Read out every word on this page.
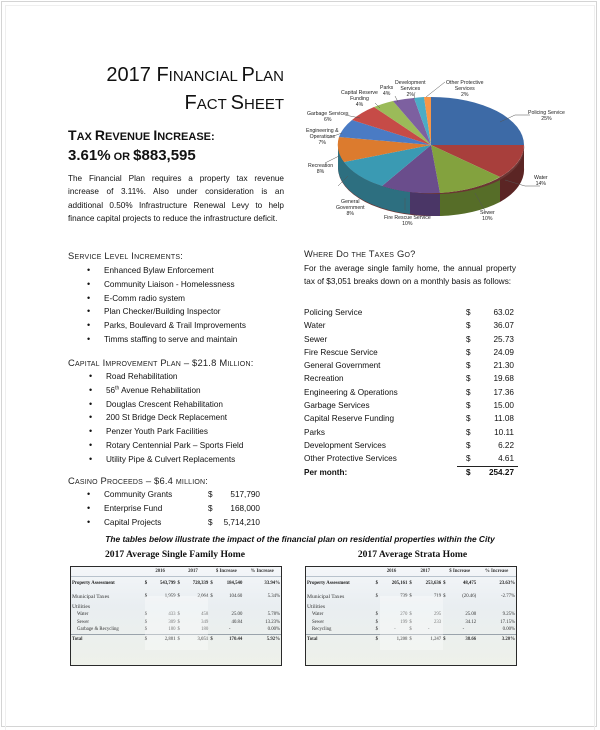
2017 FINANCIAL PLAN
FACT SHEET
TAX REVENUE INCREASE:
3.61% OR $883,595
The Financial Plan requires a property tax revenue increase of 3.11%. Also under consideration is an additional 0.50% Infrastructure Renewal Levy to help finance capital projects to reduce the infrastructure deficit.
Service Level Increments:
• Enhanced Bylaw Enforcement
• Community Liaison - Homelessness
• E-Comm radio system
• Plan Checker/Building Inspector
• Parks, Boulevard & Trail Improvements
• Timms staffing to serve and maintain
Capital Improvement Plan – $21.8 Million:
• Road Rehabilitation
• 56th Avenue Rehabilitation
• Douglas Crescent Rehabilitation
• 200 St Bridge Deck Replacement
• Penzer Youth Park Facilities
• Rotary Centennial Park – Sports Field
• Utility Pipe & Culvert Replacements
Casino Proceeds – $6.4 million:
• Community Grants	$	517,790
• Enterprise Fund	$	168,000
• Capital Projects	$	5,714,210
Policing Service
25%
Water
14%
Sewer
10%
Fire Rescue Service
10%
General
Government
8%
Recreation
8%
Engineering &
Operations
7%
Garbage Services
6%
Capital Reserve
Funding
4%
Parks
4%
Development
Services
2%
Other Protective
Services
2%
Where Do the Taxes Go?
For the average single family home, the annual property tax of $3,051 breaks down on a monthly basis as follows:
Policing Service	$	63.02
Water	$	36.07
Sewer	$	25.73
Fire Rescue Service	$	24.09
General Government	$	21.30
Recreation	$	19.68
Engineering & Operations	$	17.36
Garbage Services	$	15.00
Capital Reserve Funding	$	11.08
Parks	$	10.11
Development Services	$	6.22
Other Protective Services	$	4.61
Per month:	$ 254.27
The tables below illustrate the impact of the financial plan on residential properties within the City
2017 Average Single Family Home	2017 Average Strata Home
	2016		2017		$ Increase		% Increase
Property Assessment	$	543,799	$	728,339	$	184,540	33.94%
Municipal Taxes	$	1,959	$	2,064	$	104.60	5.34%
Utilities							
Water	$	433	$	458		25.00	5.78%
Sewer	$	309	$	349		40.84	13.23%
Garbage & Recycling	$	180	$	180		-	0.00%
Total	$	2,881	$	3,051	$	170.44	5.92%
	2016		2017		$ Increase		% Increase
Property Assessment	$	205,161	$	253,636	$	48,475	23.63%
Municipal Taxes	$	739	$	719	$	(20.46)	-2.77%
Utilities							
Water	$	270	$	295		25.00	9.25%
Sewer	$	199	$	233		34.12	17.15%
Recycling	$	-	$	-		-	0.00%
Total	$	1,208	$	1,247	$	38.66	3.20%
